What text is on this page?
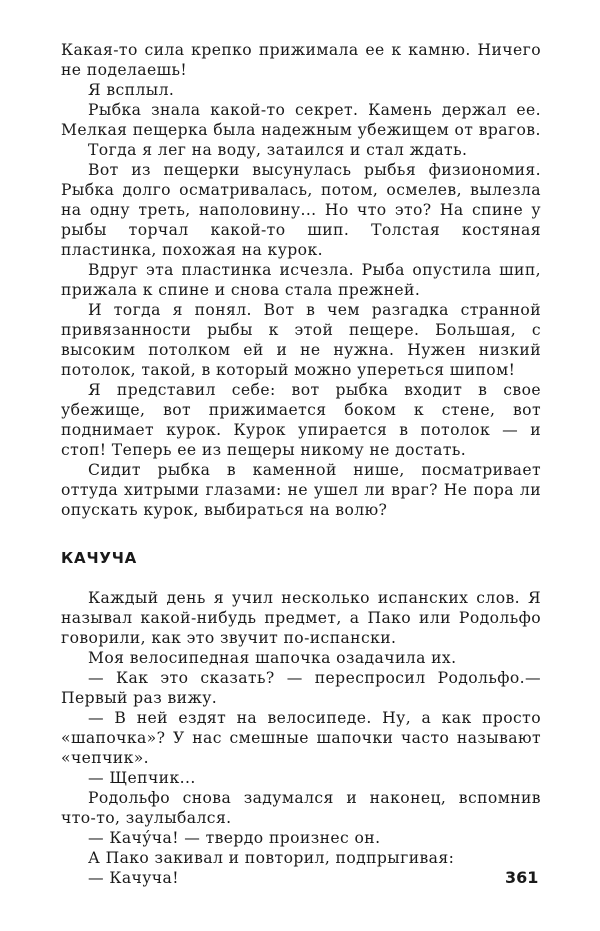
Какая-то сила крепко прижимала ее к камню. Ничего не поделаешь!

Я всплыл.

Рыбка знала какой-то секрет. Камень держал ее. Мелкая пещерка была надежным убежищем от врагов.

Тогда я лег на воду, затаился и стал ждать.

Вот из пещерки высунулась рыбья физиономия. Рыбка долго осматривалась, потом, осмелев, вылезла на одну треть, наполовину... Но что это? На спине у рыбы торчал какой-то шип. Толстая костяная пластинка, похожая на курок.

Вдруг эта пластинка исчезла. Рыба опустила шип, прижала к спине и снова стала прежней.

И тогда я понял. Вот в чем разгадка странной привязанности рыбы к этой пещере. Большая, с высоким потолком ей и не нужна. Нужен низкий потолок, такой, в который можно упереться шипом!

Я представил себе: вот рыбка входит в свое убежище, вот прижимается боком к стене, вот поднимает курок. Курок упирается в потолок — и стоп! Теперь ее из пещеры никому не достать.

Сидит рыбка в каменной нише, посматривает оттуда хитрыми глазами: не ушел ли враг? Не пора ли опускать курок, выбираться на волю?

КАЧУЧА

Каждый день я учил несколько испанских слов. Я называл какой-нибудь предмет, а Пако или Родольфо говорили, как это звучит по-испански.

Моя велосипедная шапочка озадачила их.

— Как это сказать? — переспросил Родольфо.— Первый раз вижу.

— В ней ездят на велосипеде. Ну, а как просто «шапочка»? У нас смешные шапочки часто называют «чепчик».

— Щепчик...

Родольфо снова задумался и наконец, вспомнив что-то, заулыбался.

— Качу́ча! — твердо произнес он.

А Пако закивал и повторил, подпрыгивая:

— Качуча!	361
